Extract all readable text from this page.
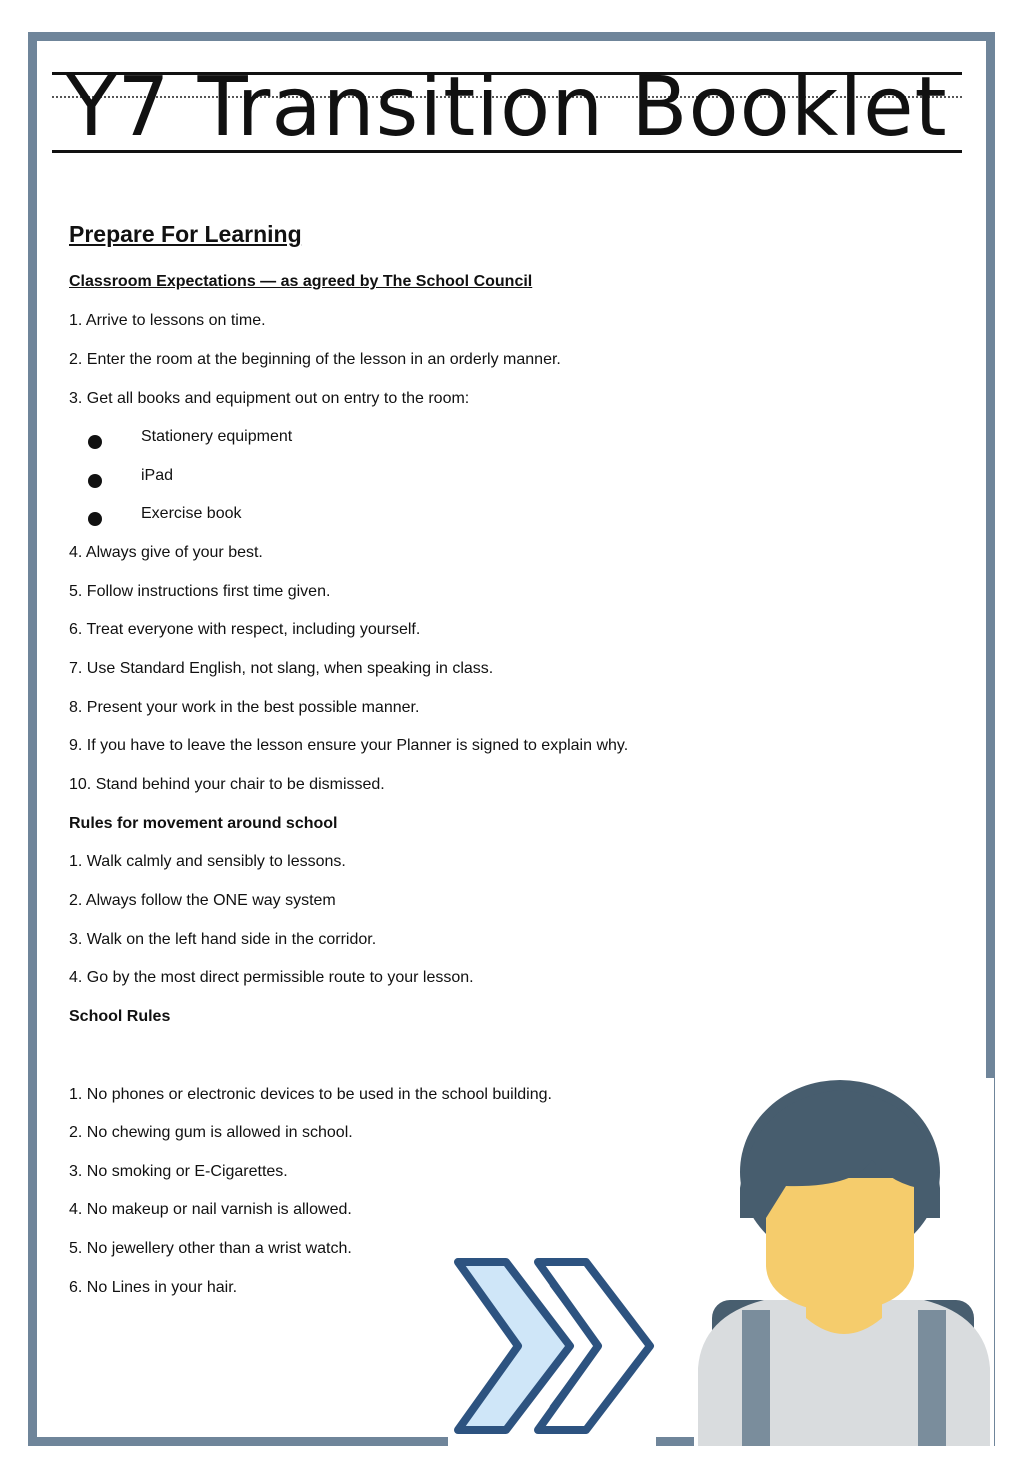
Y7 Transition Booklet
Prepare For Learning
Classroom Expectations — as agreed by The School Council
1. Arrive to lessons on time.
2. Enter the room at the beginning of the lesson in an orderly manner.
3. Get all books and equipment out on entry to the room:
Stationery equipment
iPad
Exercise book
4. Always give of your best.
5. Follow instructions first time given.
6. Treat everyone with respect, including yourself.
7. Use Standard English, not slang, when speaking in class.
8. Present your work in the best possible manner.
9. If you have to leave the lesson ensure your Planner is signed to explain why.
10. Stand behind your chair to be dismissed.
Rules for movement around school
1. Walk calmly and sensibly to lessons.
2. Always follow the ONE way system
3. Walk on the left hand side in the corridor.
4. Go by the most direct permissible route to your lesson.
School Rules
1. No phones or electronic devices to be used in the school building.
2. No chewing gum is allowed in school.
3. No smoking or E-Cigarettes.
4. No makeup or nail varnish is allowed.
5. No jewellery other than a wrist watch.
6. No Lines in your hair.
